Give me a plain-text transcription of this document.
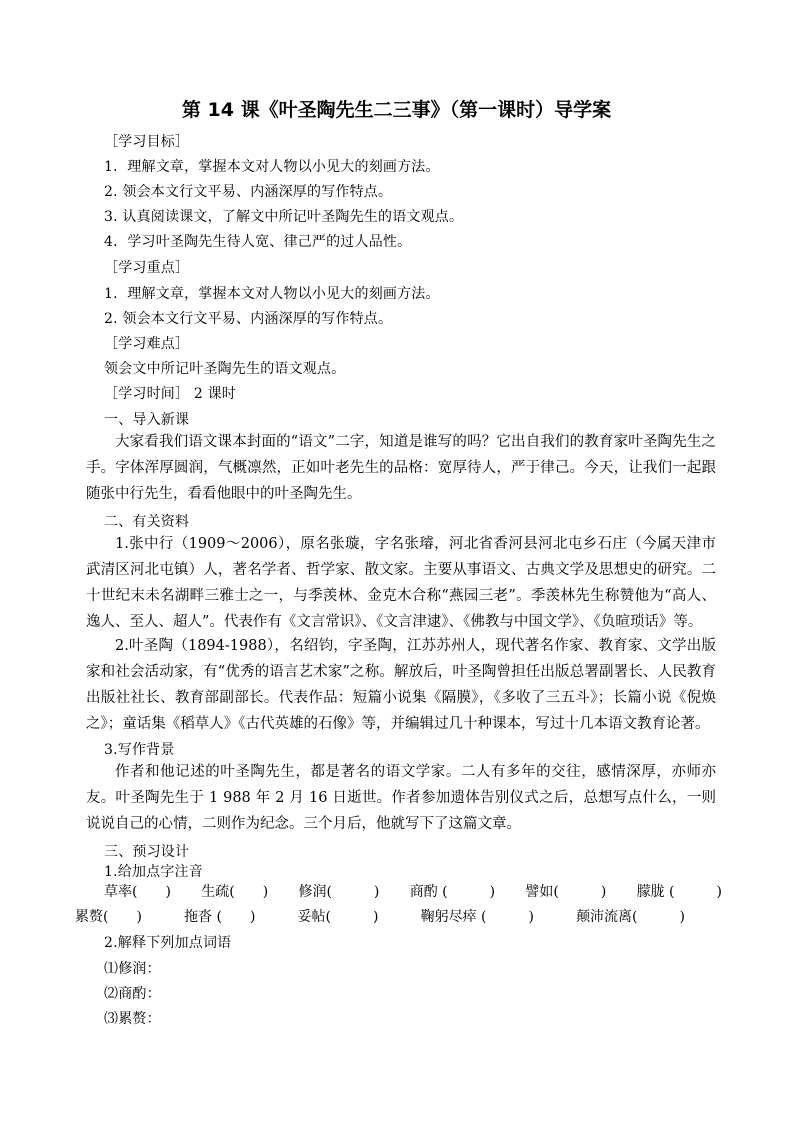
第 14 课《叶圣陶先生二三事》（第一课时）导学案
［学习目标］
1．理解文章，掌握本文对人物以小见大的刻画方法。
2. 领会本文行文平易、内涵深厚的写作特点。
3. 认真阅读课文，了解文中所记叶圣陶先生的语文观点。
4．学习叶圣陶先生待人宽、律己严的过人品性。
［学习重点］
1．理解文章，掌握本文对人物以小见大的刻画方法。
2. 领会本文行文平易、内涵深厚的写作特点。
［学习难点］
领会文中所记叶圣陶先生的语文观点。
［学习时间］ 2 课时
一、导入新课
大家看我们语文课本封面的“语文”二字，知道是谁写的吗？它出自我们的教育家叶圣陶先生之手。字体浑厚圆润，气概凛然，正如叶老先生的品格：宽厚待人，严于律己。今天，让我们一起跟随张中行先生，看看他眼中的叶圣陶先生。
二、有关资料
1.张中行（1909～2006），原名张璇，字名张璿，河北省香河县河北屯乡石庄（今属天津市武清区河北屯镇）人，著名学者、哲学家、散文家。主要从事语文、古典文学及思想史的研究。二十世纪末未名湖畔三雅士之一，与季羡林、金克木合称“燕园三老”。季羡林先生称赞他为“高人、逸人、至人、超人”。代表作有《文言常识》、《文言津逮》、《佛教与中国文学》、《负暄琐话》等。
2.叶圣陶（1894-1988），名绍钧，字圣陶，江苏苏州人，现代著名作家、教育家、文学出版家和社会活动家，有“优秀的语言艺术家”之称。解放后，叶圣陶曾担任出版总署副署长、人民教育出版社社长、教育部副部长。代表作品：短篇小说集《隔膜》，《多收了三五斗》；长篇小说《倪焕之》；童话集《稻草人》《古代英雄的石像》等，并编辑过几十种课本，写过十几本语文教育论著。
3.写作背景
作者和他记述的叶圣陶先生，都是著名的语文学家。二人有多年的交往，感情深厚，亦师亦友。叶圣陶先生于 1 988 年 2 月 16 日逝世。作者参加遗体告别仪式之后，总想写点什么，一则说说自己的心情，二则作为纪念。三个月后，他就写下了这篇文章。
三、预习设计
1.给加点字注音
草率(　　) 生疏(　　) 修润(　　　) 商酌 (　　　) 譬如(　　　) 朦胧 (　　　)
累赘(　　)	拖沓 (　　)	妥帖(　　　)	鞠躬尽瘁 (　　　)	颠沛流离(　　　)
2.解释下列加点词语
⑴修润：
⑵商酌：
⑶累赘：
